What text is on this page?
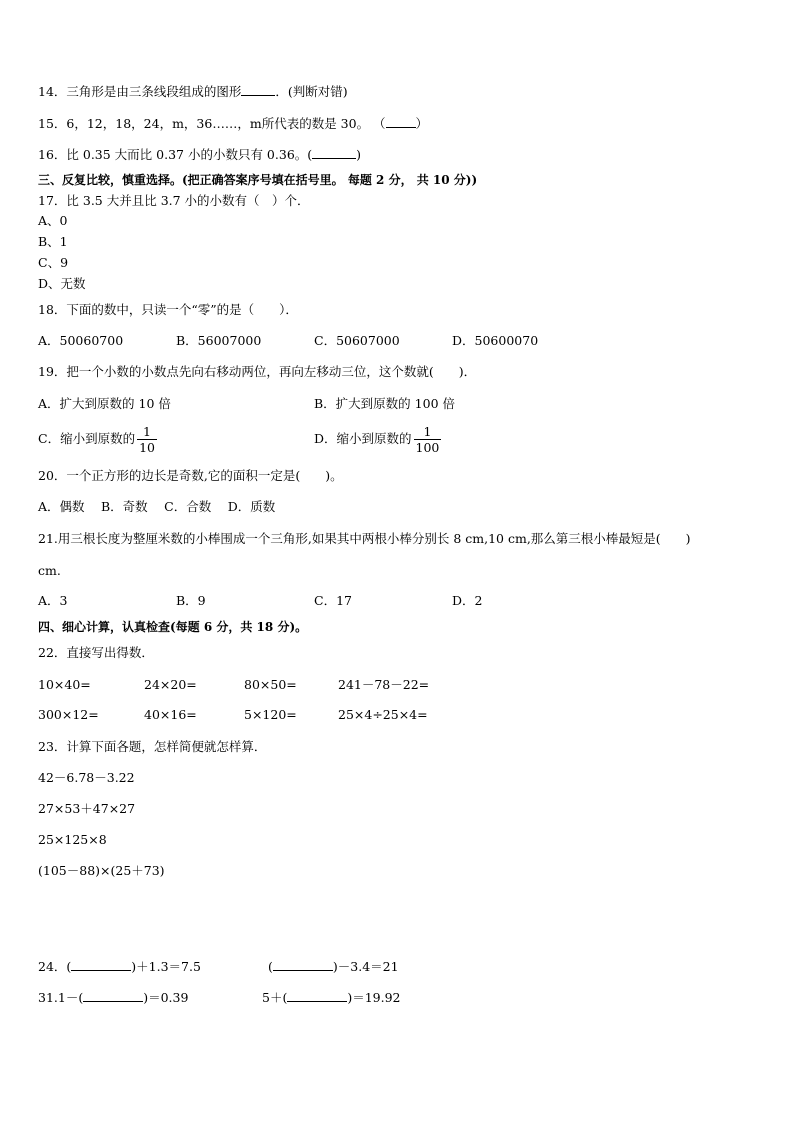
14．三角形是由三条线段组成的图形	．(判断对错)
15．6，12，18，24，m，36……，m所代表的数是 30。 （ ）
16．比 0.35 大而比 0.37 小的小数只有 0.36。(	)
三、反复比较，慎重选择。(把正确答案序号填在括号里。 每题 2 分， 共 10 分))
17．比 3.5 大并且比 3.7 小的小数有（　）个．
A、0
B、1
C、9
D、无数
18．下面的数中，只读一个“零”的是（　　）．
A．50060700	B．56007000	C．50607000	D．50600070
19．把一个小数的小数点先向右移动两位，再向左移动三位，这个数就(　　)．
A．扩大到原数的 10 倍	B．扩大到原数的 100 倍
C．缩小到原数的 $\frac{1}{10}$	D．缩小到原数的 $\frac{1}{100}$
20．一个正方形的边长是奇数,它的面积一定是(　　)。
A．偶数　 B．奇数　 C．合数　 D．质数
21.用三根长度为整厘米数的小棒围成一个三角形,如果其中两根小棒分别长 8 cm,10 cm,那么第三根小棒最短是(　　)
cm.
A．3	B．9	C．17	D．2
四、细心计算，认真检查(每题 6 分，共 18 分)。
22．直接写出得数．
10×40=	24×20=	80×50=	241－78－22=
300×12=	40×16=	5×120=	25×4÷25×4=
23．计算下面各题，怎样简便就怎样算．
42－6.78－3.22
27×53＋47×27
25×125×8
(105－88)×(25＋73)
24．(	)＋1.3＝7.5	(	)－3.4＝21
31.1－(	)＝0.39	5＋(	)＝19.92
